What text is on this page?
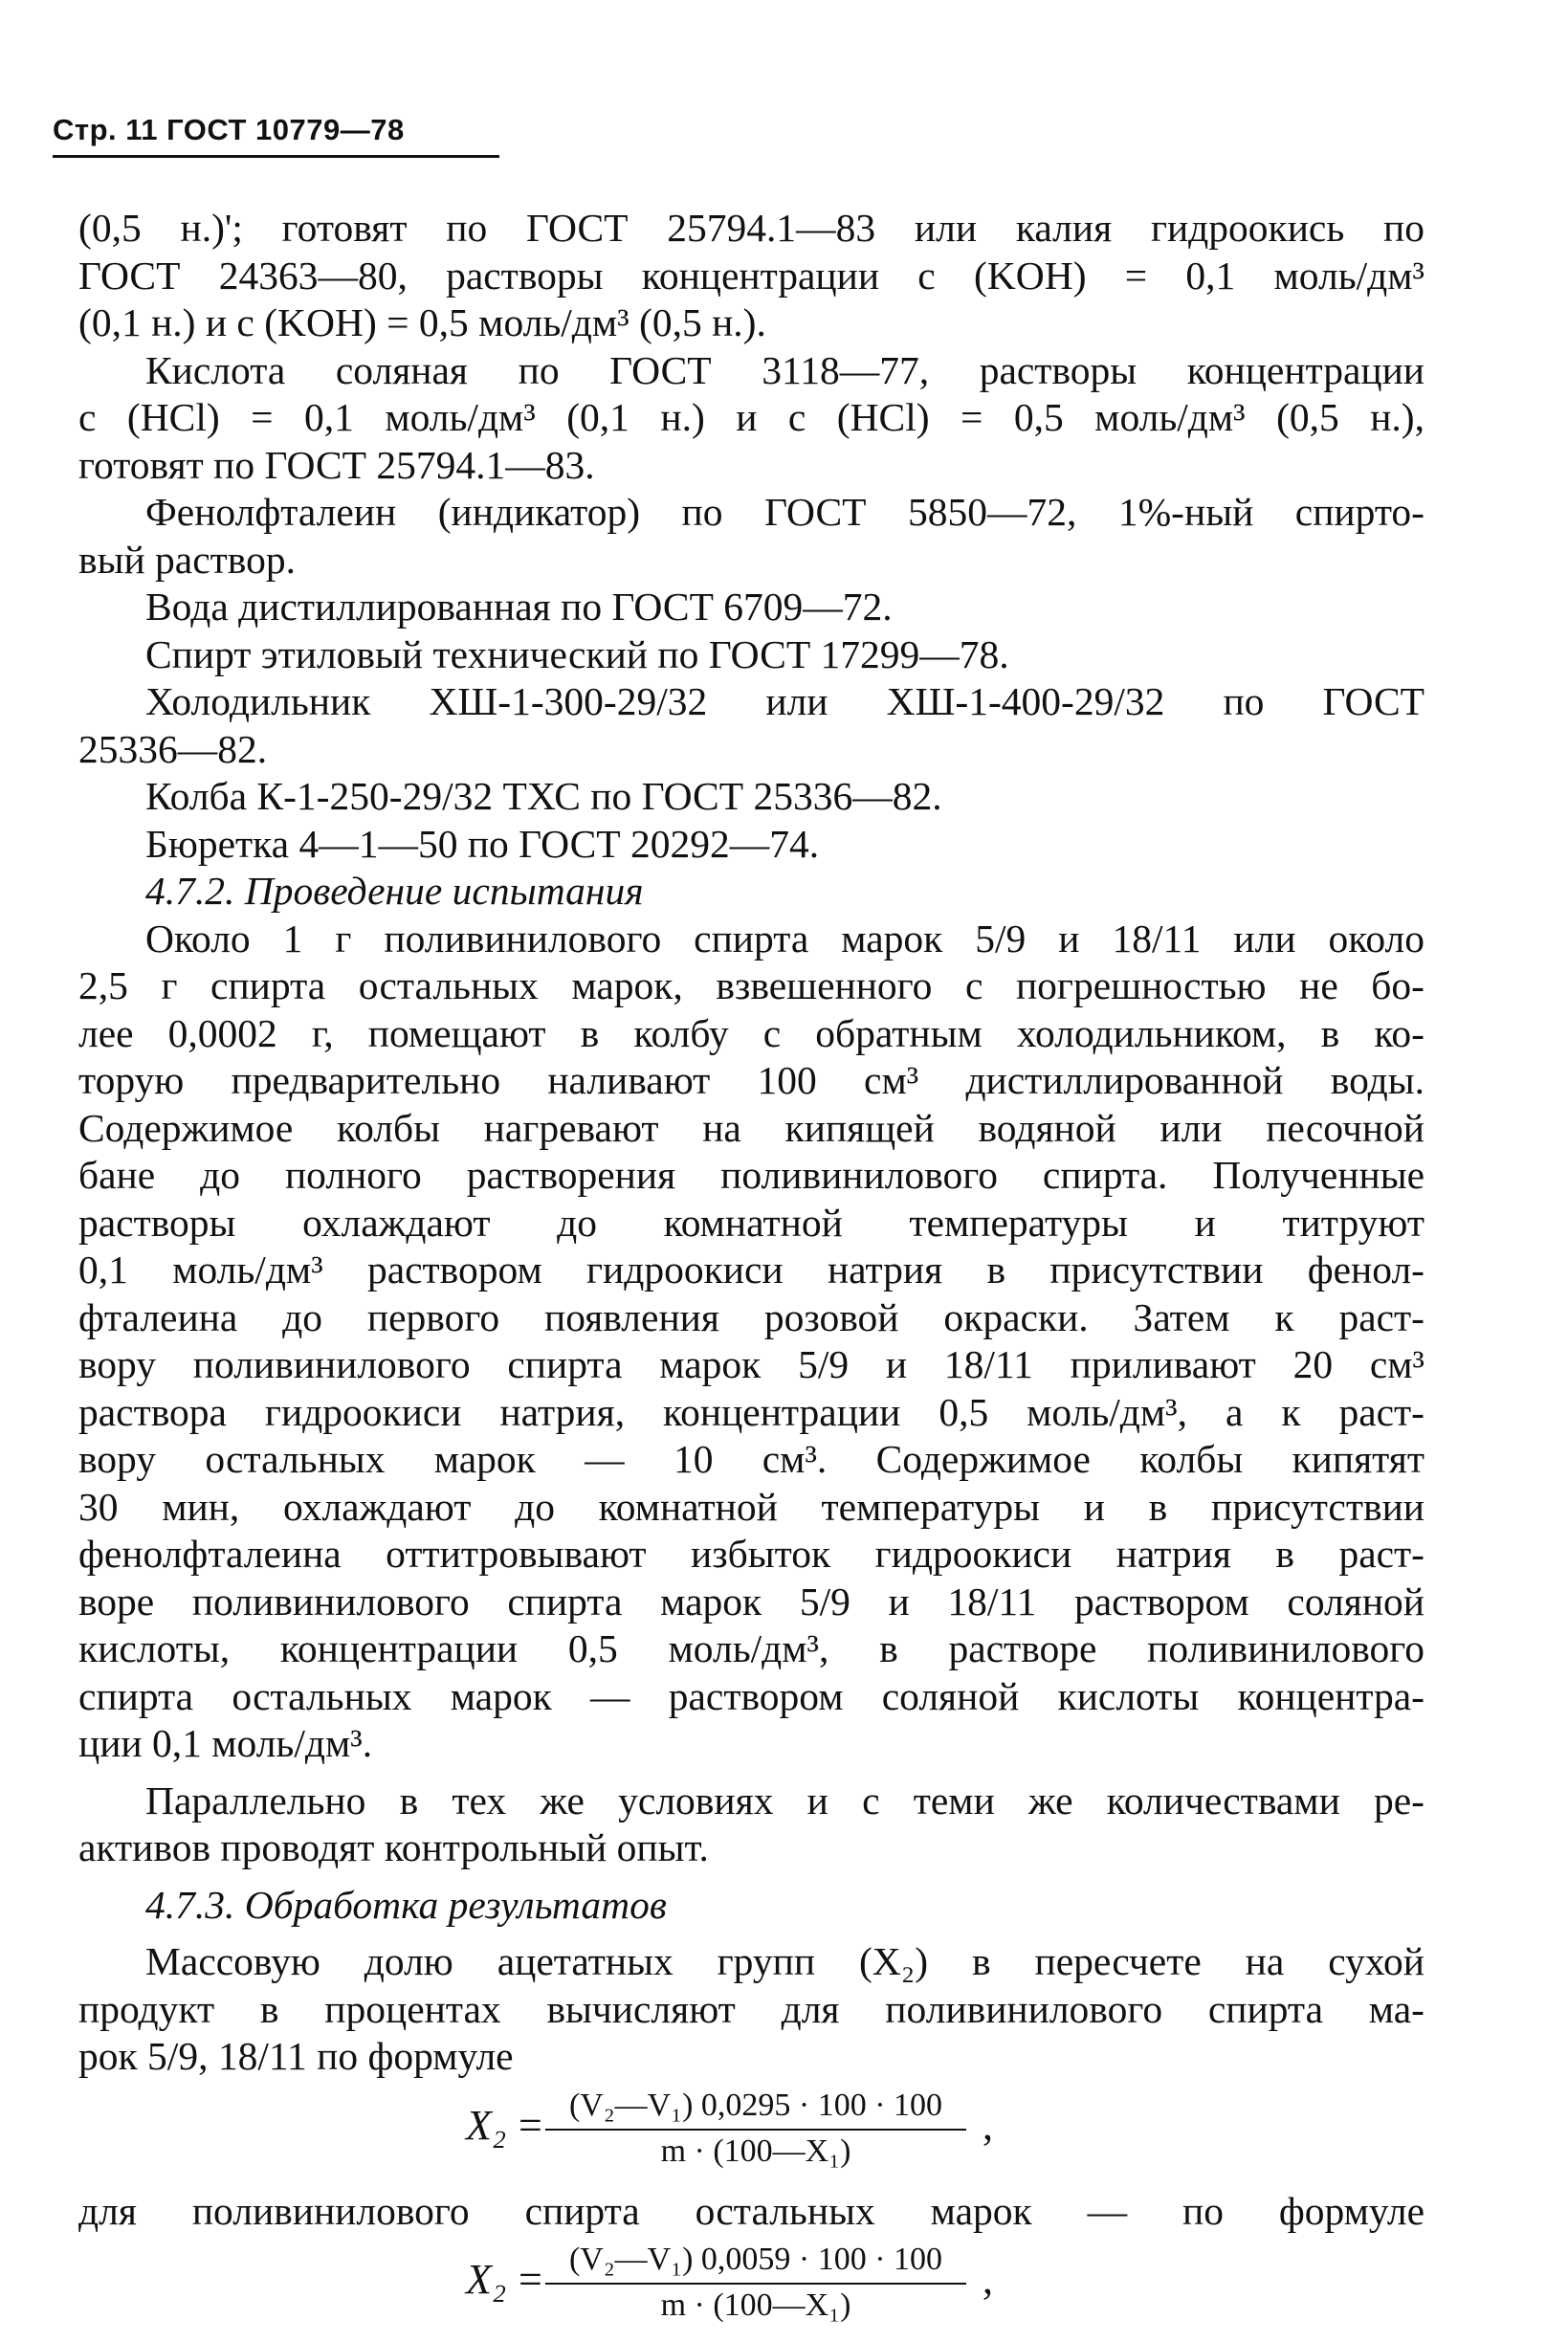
Стр. 11 ГОСТ 10779—78
(0,5 н.)'; готовят по ГОСТ 25794.1—83 или калия гидроокись по
ГОСТ 24363—80, растворы концентрации c (KOH) = 0,1 моль/дм³
(0,1 н.) и c (KOH) = 0,5 моль/дм³ (0,5 н.).
Кислота соляная по ГОСТ 3118—77, растворы концентрации
c (HCl) = 0,1 моль/дм³ (0,1 н.) и c (HCl) = 0,5 моль/дм³ (0,5 н.),
готовят по ГОСТ 25794.1—83.
Фенолфталеин (индикатор) по ГОСТ 5850—72, 1%-ный спирто-
вый раствор.
Вода дистиллированная по ГОСТ 6709—72.
Спирт этиловый технический по ГОСТ 17299—78.
Холодильник ХШ-1-300-29/32 или ХШ-1-400-29/32 по ГОСТ
25336—82.
Колба К-1-250-29/32 ТХС по ГОСТ 25336—82.
Бюретка 4—1—50 по ГОСТ 20292—74.
4.7.2. Проведение испытания
Около 1 г поливинилового спирта марок 5/9 и 18/11 или около
2,5 г спирта остальных марок, взвешенного с погрешностью не бо-
лее 0,0002 г, помещают в колбу с обратным холодильником, в ко-
торую предварительно наливают 100 см³ дистиллированной воды.
Содержимое колбы нагревают на кипящей водяной или песочной
бане до полного растворения поливинилового спирта. Полученные
растворы охлаждают до комнатной температуры и титруют
0,1 моль/дм³ раствором гидроокиси натрия в присутствии фенол-
фталеина до первого появления розовой окраски. Затем к раст-
вору поливинилового спирта марок 5/9 и 18/11 приливают 20 см³
раствора гидроокиси натрия, концентрации 0,5 моль/дм³, а к раст-
вору остальных марок — 10 см³. Содержимое колбы кипятят
30 мин, охлаждают до комнатной температуры и в присутствии
фенолфталеина оттитровывают избыток гидроокиси натрия в раст-
воре поливинилового спирта марок 5/9 и 18/11 раствором соляной
кислоты, концентрации 0,5 моль/дм³, в растворе поливинилового
спирта остальных марок — раствором соляной кислоты концентра-
ции 0,1 моль/дм³.
Параллельно в тех же условиях и с теми же количествами ре-
активов проводят контрольный опыт.
4.7.3. Обработка результатов
Массовую долю ацетатных групп (X₂) в пересчете на сухой
продукт в процентах вычисляют для поливинилового спирта ма-
рок 5/9, 18/11 по формуле
$X_2 = \frac{\text{(V₂—V₁) 0,0295 · 100 · 100}}{\text{m · (100—X₁)}}$ ,
для поливинилового спирта остальных марок — по формуле
$X_2 = \frac{\text{(V₂—V₁) 0,0059 · 100 · 100}}{\text{m · (100—X₁)}}$ ,
